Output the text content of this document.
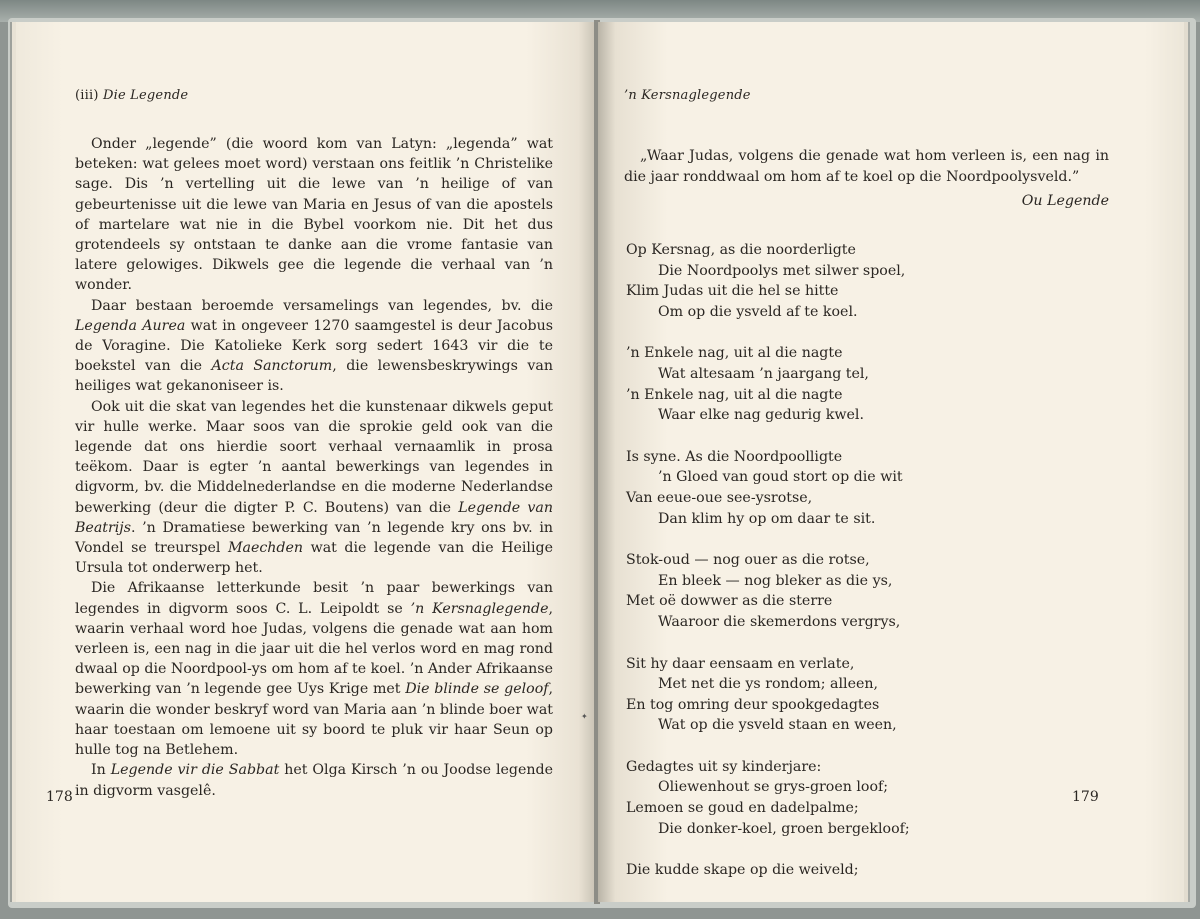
(iii) Die Legende

Onder „legende” (die woord kom van Latyn: „legenda” wat beteken: wat gelees moet word) verstaan ons feitlik ’n Christelike sage. Dis ’n vertelling uit die lewe van ’n heilige of van gebeurtenisse uit die lewe van Maria en Jesus of van die apostels of martelare wat nie in die Bybel voorkom nie. Dit het dus grotendeels sy ontstaan te danke aan die vrome fantasie van latere gelowiges. Dikwels gee die legende die verhaal van ’n wonder.

Daar bestaan beroemde versamelings van legendes, bv. die Legenda Aurea wat in ongeveer 1270 saamgestel is deur Jacobus de Voragine. Die Katolieke Kerk sorg sedert 1643 vir die te boekstel van die Acta Sanctorum, die lewensbeskrywings van heiliges wat gekanoniseer is.

Ook uit die skat van legendes het die kunstenaar dikwels geput vir hulle werke. Maar soos van die sprokie geld ook van die legende dat ons hierdie soort verhaal vernaamlik in prosa teëkom. Daar is egter ’n aantal bewerkings van legendes in digvorm, bv. die Middelnederlandse en die moderne Nederlandse bewerking (deur die digter P. C. Boutens) van die Legende van Beatrijs. ’n Dramatiese bewerking van ’n legende kry ons bv. in Vondel se treurspel Maechden wat die legende van die Heilige Ursula tot onderwerp het.

Die Afrikaanse letterkunde besit ’n paar bewerkings van legendes in digvorm soos C. L. Leipoldt se ’n Kersnaglegende, waarin verhaal word hoe Judas, volgens die genade wat aan hom verleen is, een nag in die jaar uit die hel verlos word en mag rond dwaal op die Noordpool-ys om hom af te koel. ’n Ander Afrikaanse bewerking van ’n legende gee Uys Krige met Die blinde se geloof, waarin die wonder beskryf word van Maria aan ’n blinde boer wat haar toestaan om lemoene uit sy boord te pluk vir haar Seun op hulle tog na Betlehem.

In Legende vir die Sabbat het Olga Kirsch ’n ou Joodse legende in digvorm vasgelê.

178
’n Kersnaglegende

„Waar Judas, volgens die genade wat hom verleen is, een nag in die jaar ronddwaal om hom af te koel op die Noordpoolysveld.”

Ou Legende

Op Kersnag, as die noorderligte
Die Noordpoolys met silwer spoel,
Klim Judas uit die hel se hitte
Om op die ysveld af te koel.
’n Enkele nag, uit al die nagte
Wat altesaam ’n jaargang tel,
’n Enkele nag, uit al die nagte
Waar elke nag gedurig kwel.
Is syne. As die Noordpoolligte
’n Gloed van goud stort op die wit
Van eeue-oue see-ysrotse,
Dan klim hy op om daar te sit.
Stok-oud — nog ouer as die rotse,
En bleek — nog bleker as die ys,
Met oë dowwer as die sterre
Waaroor die skemerdons vergrys,
Sit hy daar eensaam en verlate,
Met net die ys rondom; alleen,
En tog omring deur spookgedagtes
Wat op die ysveld staan en ween,
Gedagtes uit sy kinderjare:
Oliewenhout se grys-groen loof;
Lemoen se goud en dadelpalme;
Die donker-koel, groen bergekloof;
Die kudde skape op die weiveld;
179
✦
